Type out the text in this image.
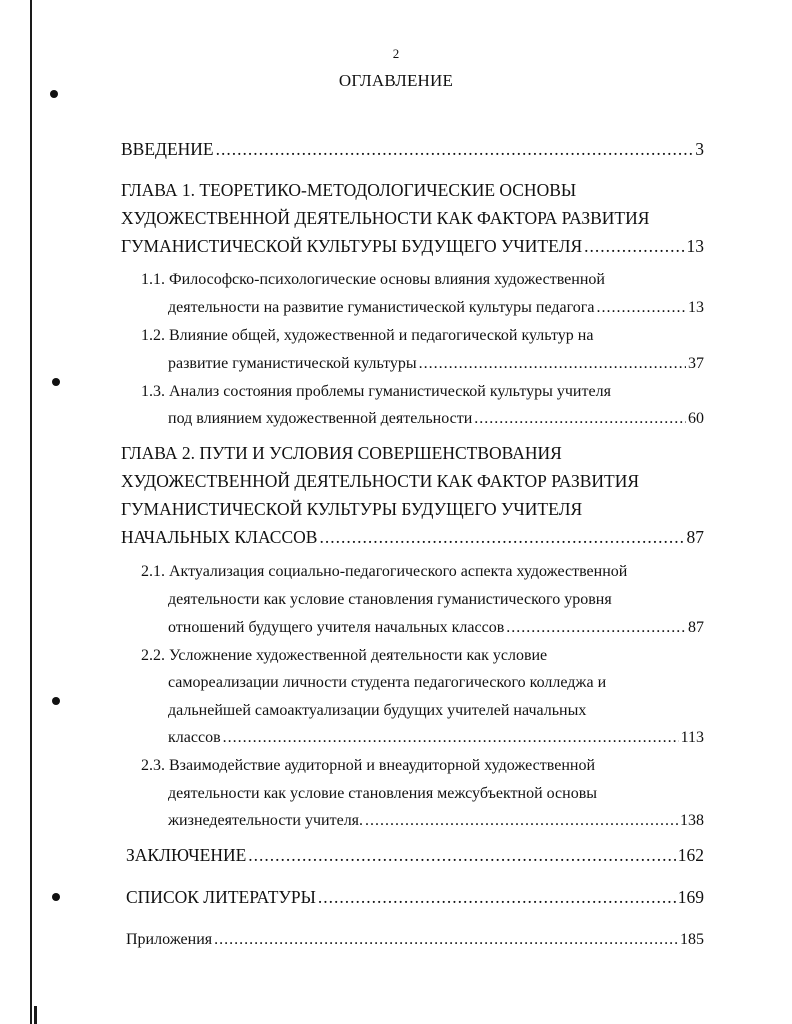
2
ОГЛАВЛЕНИЕ
ВВЕДЕНИЕ .....	3
ГЛАВА 1. ТЕОРЕТИКО-МЕТОДОЛОГИЧЕСКИЕ ОСНОВЫ
ХУДОЖЕСТВЕННОЙ ДЕЯТЕЛЬНОСТИ КАК ФАКТОРА РАЗВИТИЯ
ГУМАНИСТИЧЕСКОЙ КУЛЬТУРЫ БУДУЩЕГО УЧИТЕЛЯ .....	13
1.1. Философско-психологические основы влияния художественной
деятельности на развитие гуманистической культуры педагога .....	13
1.2. Влияние общей, художественной и педагогической культур на
развитие гуманистической культуры .....	37
1.3. Анализ состояния проблемы гуманистической культуры учителя
под влиянием художественной деятельности .....	60
ГЛАВА 2. ПУТИ И УСЛОВИЯ СОВЕРШЕНСТВОВАНИЯ
ХУДОЖЕСТВЕННОЙ ДЕЯТЕЛЬНОСТИ КАК ФАКТОР РАЗВИТИЯ
ГУМАНИСТИЧЕСКОЙ КУЛЬТУРЫ БУДУЩЕГО УЧИТЕЛЯ
НАЧАЛЬНЫХ КЛАССОВ .....	87
2.1. Актуализация социально-педагогического аспекта художественной
деятельности как условие становления гуманистического уровня
отношений будущего учителя начальных классов .....	87
2.2. Усложнение художественной деятельности как условие
самореализации личности студента педагогического колледжа и
дальнейшей самоактуализации будущих учителей начальных
классов .....	113
2.3. Взаимодействие аудиторной и внеаудиторной художественной
деятельности как условие становления межсубъектной основы
жизнедеятельности учителя. .....	138
ЗАКЛЮЧЕНИЕ .....	162
СПИСОК ЛИТЕРАТУРЫ .....	169
Приложения .....	185
